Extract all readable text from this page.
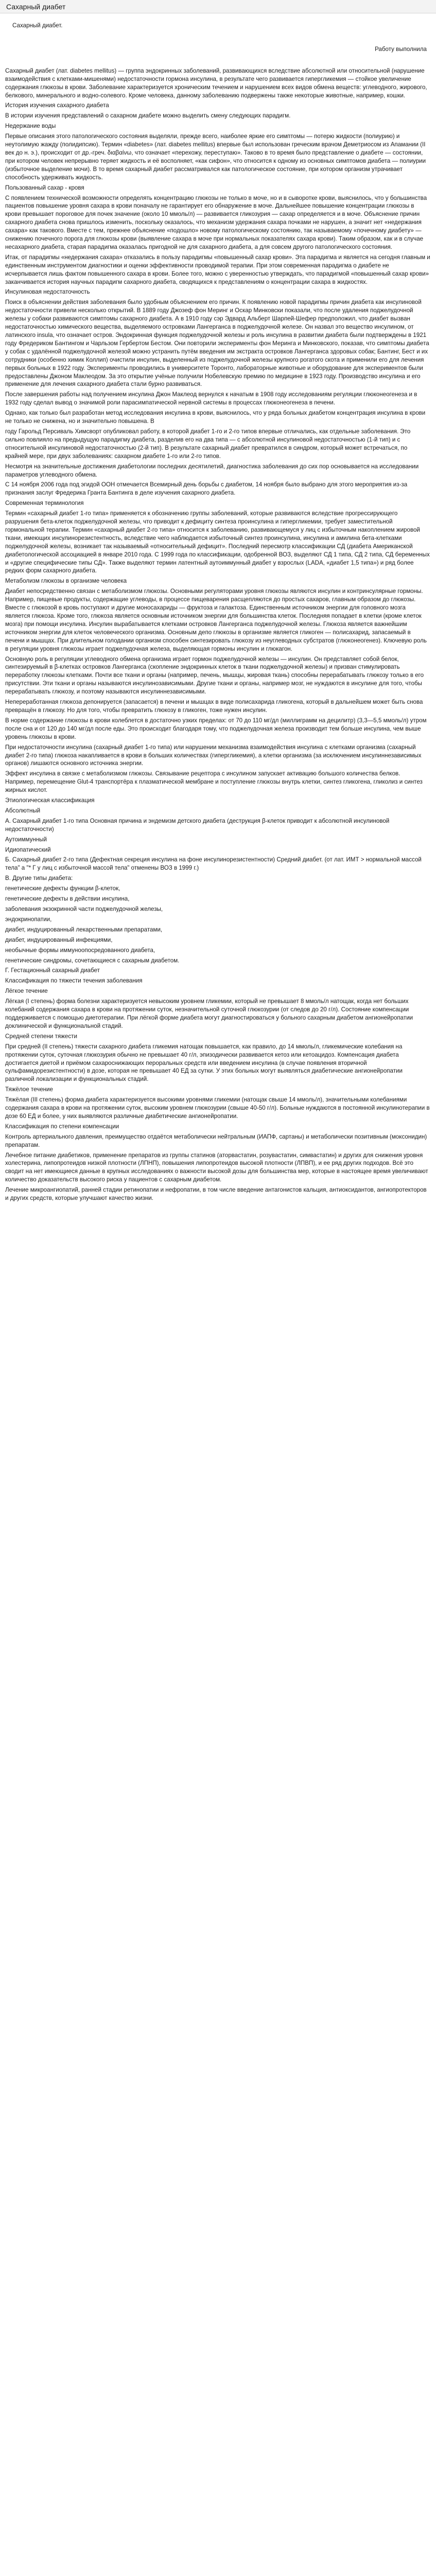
Сахарный диабет
Сахарный диабет.
Работу выполнила

Сахарный диабет (лат. diabetes mellitus) — группа эндокринных заболеваний, развивающихся вследствие абсолютной или относительной (нарушение взаимодействия с клетками-мишенями) недостаточности гормона инсулина, в результате чего развивается гипергликемия — стойкое увеличение содержания глюкозы в крови. Заболевание характеризуется хроническим течением и нарушением всех видов обмена веществ: углеводного, жирового, белкового, минерального и водно-солевого. Кроме человека, данному заболеванию подвержены также некоторые животные, например, кошки.

История изучения сахарного диабета

В истории изучения представлений о сахарном диабете можно выделить смену следующих парадигм.

Недержание воды

Первые описания этого патологического состояния выделяли, прежде всего, наиболее яркие его симптомы — потерю жидкости (полиурию) и неутолимую жажду (полидипсию). Термин «diabetes» (лат. diabetes mellitus) впервые был использован греческим врачом Деметриосом из Апамании (II век до н. э.), происходит от др.-греч. διαβαίνω, что означает «перехожу, переступаю». Таково в то время было представление о диабете — состоянии, при котором человек непрерывно теряет жидкость и её восполняет, «как сифон», что относится к одному из основных симптомов диабета — полиурии (избыточное выделение мочи). В то время сахарный диабет рассматривался как патологическое состояние, при котором организм утрачивает способность удерживать жидкость.

Пользованный сахар - кровя

С появлением технической возможности определять концентрацию глюкозы не только в моче, но и в сыворотке крови, выяснилось, что у большинства пациентов повышение уровня сахара в крови поначалу не гарантирует его обнаружение в моче. Дальнейшее повышение концентрации глюкозы в крови превышает пороговое для почек значение (около 10 ммоль/л) — развивается гликозурия — сахар определяется и в моче. Объяснение причин сахарного диабета снова пришлось изменить, поскольку оказалось, что механизм удержания сахара почками не нарушен, а значит нет «недержания сахара» как такового. Вместе с тем, прежнее объяснение «подошло» новому патологическому состоянию, так называемому «почечному диабету» — снижению почечного порога для глюкозы крови (выявление сахара в моче при нормальных показателях сахара крови). Таким образом, как и в случае несахарного диабета, старая парадигма оказалась пригодной не для сахарного диабета, а для совсем другого патологического состояния.

Итак, от парадигмы «недержания сахара» отказались в пользу парадигмы «повышенный сахар крови». Эта парадигма и является на сегодня главным и единственным инструментом диагностики и оценки эффективности проводимой терапии. При этом современная парадигма о диабете не исчерпывается лишь фактом повышенного сахара в крови. Более того, можно с уверенностью утверждать, что парадигмой «повышенный сахар крови» заканчивается история научных парадигм сахарного диабета, сводящихся к представлениям о концентрации сахара в жидкостях.

Инсулиновая недостаточность

Поиск в объяснении действия заболевания было удобным объяснением его причин. К появлению новой парадигмы причин диабета как инсулиновой недостаточности привели несколько открытий. В 1889 году Джозеф фон Меринг и Оскар Минковски показали, что после удаления поджелудочной железы у собаки развиваются симптомы сахарного диабета. А в 1910 году сэр Эдвард Альберт Шарпей-Шефер предположил, что диабет вызван недостаточностью химического вещества, выделяемого островками Лангерганса в поджелудочной железе. Он назвал это вещество инсулином, от латинского insula, что означает остров. Эндокринная функция поджелудочной железы и роль инсулина в развитии диабета были подтверждены в 1921 году Фредериком Бантингом и Чарльзом Гербертом Бестом. Они повторили эксперименты фон Меринга и Минковского, показав, что симптомы диабета у собак с удалённой поджелудочной железой можно устранить путём введения им экстракта островков Лангерганса здоровых собак; Бантинг, Бест и их сотрудники (особенно химик Коллип) очистили инсулин, выделенный из поджелудочной железы крупного рогатого скота и применили его для лечения первых больных в 1922 году. Эксперименты проводились в университете Торонто, лабораторные животные и оборудование для экспериментов были предоставлены Джоном Маклеодом. За это открытие учёные получили Нобелевскую премию по медицине в 1923 году. Производство инсулина и его применение для лечения сахарного диабета стали бурно развиваться.

После завершения работы над получением инсулина Джон Маклеод вернулся к начатым в 1908 году исследованиям регуляции глюконеогенеза и в 1932 году сделал вывод о значимой роли парасимпатической нервной системы в процессах глюконеогенеза в печени.

Однако, как только был разработан метод исследования инсулина в крови, выяснилось, что у ряда больных диабетом концентрация инсулина в крови не только не снижена, но и значительно повышена. В

году Гарольд Персиваль Химсворт опубликовал работу, в которой диабет 1-го и 2-го типов впервые отличались, как отдельные заболевания. Это сильно повлияло на предыдущую парадигму диабета, разделив его на два типа — с абсолютной инсулиновой недостаточностью (1-й тип) и с относительной инсулиновой недостаточностью (2-й тип). В результате сахарный диабет превратился в синдром, который может встречаться, по крайней мере, при двух заболеваниях: сахарном диабете 1-го или 2-го типов.

Несмотря на значительные достижения диабетологии последних десятилетий, диагностика заболевания до сих пор основывается на исследовании параметров углеводного обмена.

С 14 ноября 2006 года под эгидой ООН отмечается Всемирный день борьбы с диабетом, 14 ноября было выбрано для этого мероприятия из-за признания заслуг Фредерика Гранта Бантинга в деле изучения сахарного диабета.

Современная терминология

Термин «сахарный диабет 1-го типа» применяется к обозначению группы заболеваний, которые развиваются вследствие прогрессирующего разрушения бета-клеток поджелудочной железы, что приводит к дефициту синтеза проинсулина и гипергликемии, требует заместительной гормональной терапии. Термин «сахарный диабет 2-го типа» относится к заболеванию, развивающемуся у лиц с избыточным накоплением жировой ткани, имеющих инсулинорезистентность, вследствие чего наблюдается избыточный синтез проинсулина, инсулина и амилина бета-клетками поджелудочной железы, возникает так называемый «относительный дефицит». Последний пересмотр классификации СД (диабета Американской диабетологической ассоциацией в январе 2010 года. С 1999 года по классификации, одобренной ВОЗ, выделяют СД 1 типа, СД 2 типа, СД беременных и «другие специфические типы СД». Также выделяют термин латентный аутоиммунный диабет у взрослых (LADA, «диабет 1,5 типа») и ряд более редких форм сахарного диабета.

Метаболизм глюкозы в организме человека

Диабет непосредственно связан с метаболизмом глюкозы. Основными регуляторами уровня глюкозы являются инсулин и контринсулярные гормоны. Например, пищевые продукты, содержащие углеводы, в процессе пищеварения расщепляются до простых сахаров, главным образом до глюкозы. Вместе с глюкозой в кровь поступают и другие моносахариды — фруктоза и галактоза. Единственным источником энергии для головного мозга является глюкоза. Кроме того, глюкоза является основным источником энергии для большинства клеток. Последняя попадает в клетки (кроме клеток мозга) при помощи инсулина. Инсулин вырабатывается клетками островков Лангерганса поджелудочной железы. Глюкоза является важнейшим источником энергии для клеток человеческого организма. Основным депо глюкозы в организме является гликоген — полисахарид, запасаемый в печени и мышцах. При длительном голодании организм способен синтезировать глюкозу из неуглеводных субстратов (глюконеогенез). Ключевую роль в регуляции уровня глюкозы играет поджелудочная железа, выделяющая гормоны инсулин и глюкагон.

Основную роль в регуляции углеводного обмена организма играет гормон поджелудочной железы — инсулин. Он представляет собой белок, синтезируемый в β-клетках островков Лангерганса (скопление эндокринных клеток в ткани поджелудочной железы) и призван стимулировать переработку глюкозы клетками. Почти все ткани и органы (например, печень, мышцы, жировая ткань) способны перерабатывать глюкозу только в его присутствии. Эти ткани и органы называются инсулинозависимыми. Другие ткани и органы, например мозг, не нуждаются в инсулине для того, чтобы перерабатывать глюкозу, и поэтому называются инсулиннезависимыми.

Непереработанная глюкоза депонируется (запасается) в печени и мышцах в виде полисахарида гликогена, который в дальнейшем может быть снова превращён в глюкозу. Но для того, чтобы превратить глюкозу в гликоген, тоже нужен инсулин.

В норме содержание глюкозы в крови колеблется в достаточно узких пределах: от 70 до 110 мг/дл (миллиграмм на децилитр) (3,3—5,5 ммоль/л) утром после сна и от 120 до 140 мг/дл после еды. Это происходит благодаря тому, что поджелудочная железа производит тем больше инсулина, чем выше уровень глюкозы в крови.

При недостаточности инсулина (сахарный диабет 1-го типа) или нарушении механизма взаимодействия инсулина с клетками организма (сахарный диабет 2-го типа) глюкоза накапливается в крови в больших количествах (гипергликемия), а клетки организма (за исключением инсулиннезависимых органов) лишаются основного источника энергии.

Эффект инсулина в связке с метаболизмом глюкозы. Связывание рецептора с инсулином запускает активацию большого количества белков. Например, перемещение Glut-4 транспортёра к плазматической мембране и поступление глюкозы внутрь клетки, синтез гликогена, гликолиз и синтез жирных кислот.

Этиологическая классификация

Абсолютный

А. Сахарный диабет 1-го типа Основная причина и эндемизм детского диабета (деструкция β-клеток приводит к абсолютной инсулиновой недостаточности)

Аутоиммунный

Идиопатический

Б. Сахарный диабет 2-го типа (Дефектная секреция инсулина на фоне инсулинорезистентности) Средний диабет. (от лат. ИМТ > нормальной массой тела" a "* Г у лиц с избыточной массой тела" отменены ВОЗ в 1999 г.)

В. Другие типы диабета:

генетические дефекты функции β-клеток,

генетические дефекты в действии инсулина,

заболевания экзокринной части поджелудочной железы,

эндокринопатии,

диабет, индуцированный лекарственными препаратами,

диабет, индуцированный инфекциями,

необычные формы иммуноопосредованного диабета,

генетические синдромы, сочетающиеся с сахарным диабетом.

Г. Гестационный сахарный диабет

Классификация по тяжести течения заболевания

Лёгкое течение

Лёгкая (I степень) форма болезни характеризуется невысоким уровнем гликемии, который не превышает 8 ммоль/л натощак, когда нет больших колебаний содержания сахара в крови на протяжении суток, незначительной суточной глюкозурии (от следов до 20 г/л). Состояние компенсации поддерживается с помощью диетотерапии. При лёгкой форме диабета могут диагностироваться у больного сахарным диабетом ангионейропатии доклинической и функциональной стадий.

Средней степени тяжести

При средней (II степень) тяжести сахарного диабета гликемия натощак повышается, как правило, до 14 ммоль/л, гликемические колебания на протяжении суток, суточная глюкозурия обычно не превышает 40 г/л, эпизодически развивается кетоз или кетоацидоз. Компенсация диабета достигается диетой и приёмом сахароснижающих пероральных средств или введением инсулина (в случае появления вторичной сульфамидорезистентности) в дозе, которая не превышает 40 ЕД за сутки. У этих больных могут выявляться диабетические ангионейропатии различной локализации и функциональных стадий.

Тяжёлое течение

Тяжёлая (III степень) форма диабета характеризуется высокими уровнями гликемии (натощак свыше 14 ммоль/л), значительными колебаниями содержания сахара в крови на протяжении суток, высоким уровнем глюкозурии (свыше 40-50 г/л). Больные нуждаются в постоянной инсулинотерапии в дозе 60 ЕД и более, у них выявляются различные диабетические ангионейропатии.

Классификация по степени компенсации

Контроль артериального давления, преимущество отдаётся метаболически нейтральным (ИАПФ, сартаны) и метаболически позитивным (моксонидин) препаратам.

Лечебное питание диабетиков, применение препаратов из группы статинов (аторвастатин, розувастатин, симвастатин) и других для снижения уровня холестерина, липопротеидов низкой плотности (ЛПНП), повышения липопротеидов высокой плотности (ЛПВП), и ее ряд других подходов. Всё это сводит на нет имеющиеся данные в крупных исследованиях о важности высокой дозы для большинства мер, которые в настоящее время увеличивают количество доказательств высокого риска у пациентов с сахарным диабетом.

Лечение микроангиопатий, ранней стадии ретинопатии и нефропатии, в том числе введение антагонистов кальция, антиоксидантов, ангиопротекторов и других средств, которые улучшают качество жизни.
